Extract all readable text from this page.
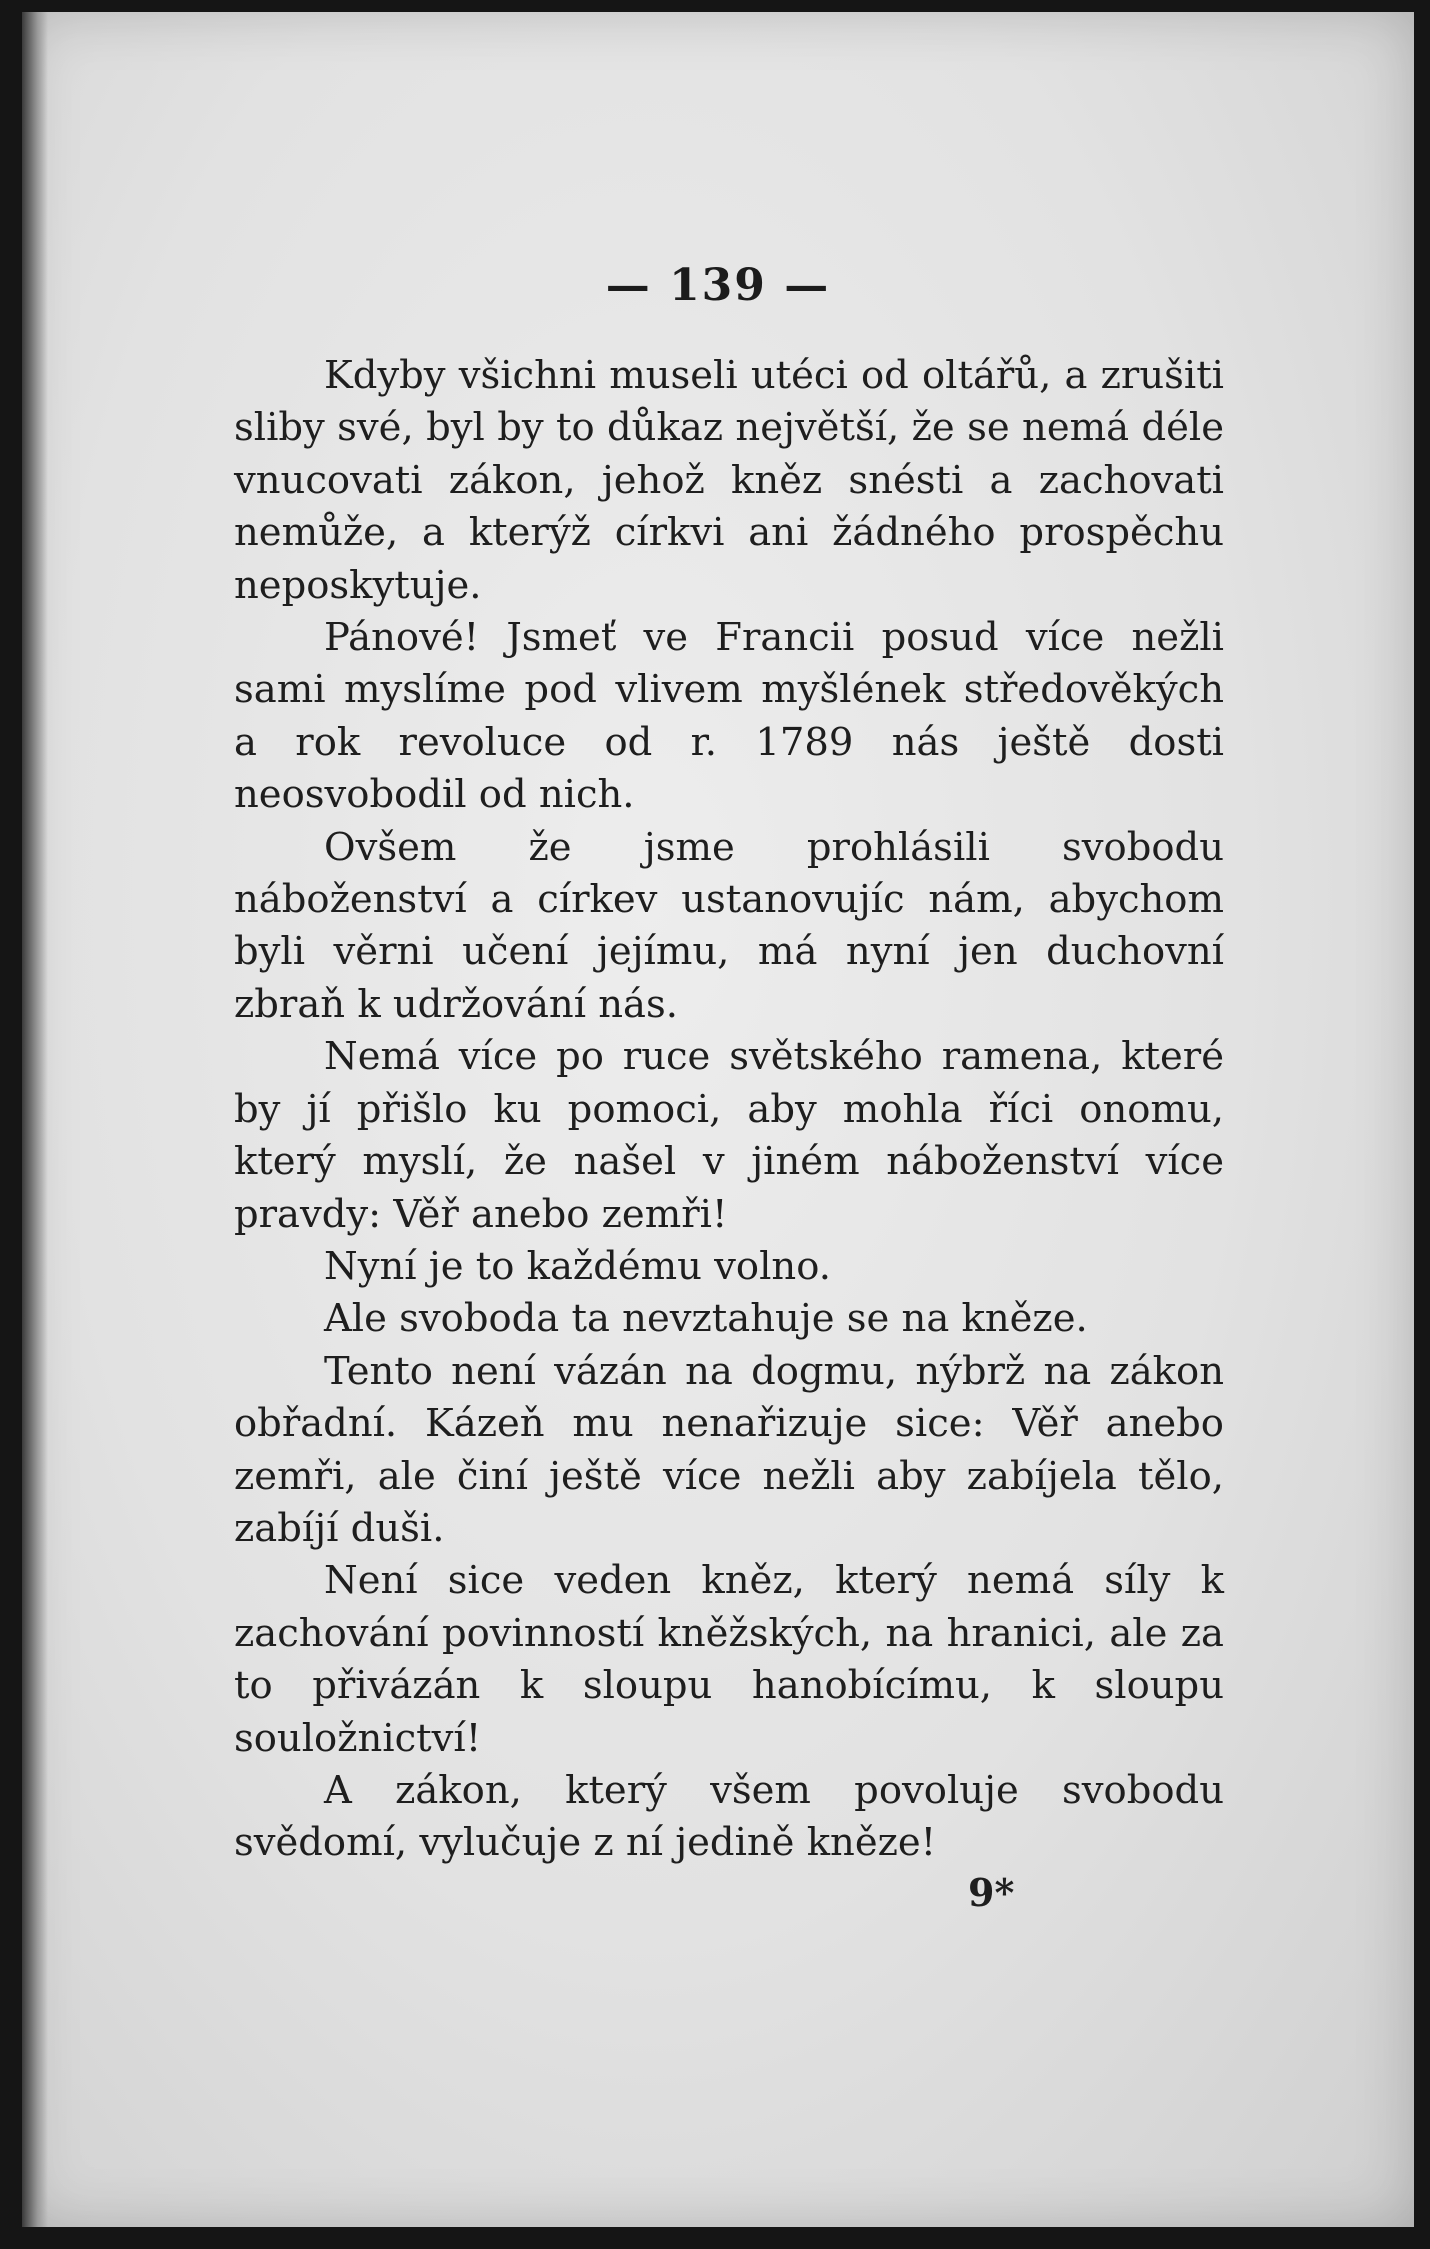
— 139 —

Kdyby všichni museli utéci od oltářů, a zrušiti sliby své, byl by to důkaz největší, že se nemá déle vnucovati zákon, jehož kněz snésti a zachovati nemůže, a kterýž církvi ani žádného prospěchu neposkytuje.

Pánové! Jsmeť ve Francii posud více nežli sami myslíme pod vlivem myšlének středověkých a rok revoluce od r. 1789 nás ještě dosti neosvobodil od nich.

Ovšem že jsme prohlásili svobodu náboženství a církev ustanovujíc nám, abychom byli věrni učení jejímu, má nyní jen duchovní zbraň k udržování nás.

Nemá více po ruce světského ramena, které by jí přišlo ku pomoci, aby mohla říci onomu, který myslí, že našel v jiném náboženství více pravdy: Věř anebo zemři!

Nyní je to každému volno.

Ale svoboda ta nevztahuje se na kněze.

Tento není vázán na dogmu, nýbrž na zákon obřadní. Kázeň mu nenařizuje sice: Věř anebo zemři, ale činí ještě více nežli aby zabíjela tělo, zabíjí duši.

Není sice veden kněz, který nemá síly k zachování povinností kněžských, na hranici, ale za to přivázán k sloupu hanobícímu, k sloupu souložnictví!

A zákon, který všem povoluje svobodu svědomí, vylučuje z ní jedině kněze!

9*
